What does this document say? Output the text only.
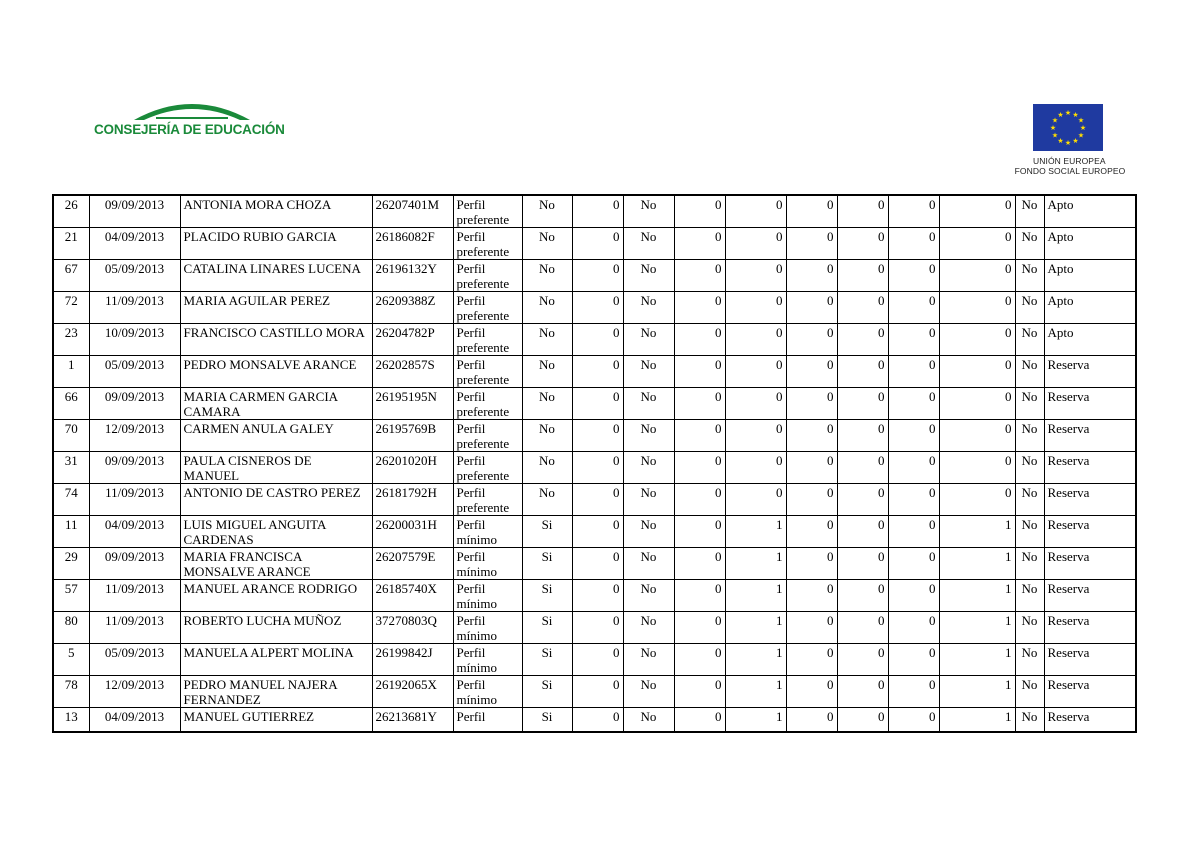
CONSEJERÍA DE EDUCACIÓN
★ ★
★
★
★
★
★
★
★
★
★
★
UNIÓN EUROPEA
FONDO SOCIAL EUROPEO
26	09/09/2013	ANTONIA MORA CHOZA	26207401M	Perfil preferente	No	0	No	0	0	0	0	0	0	No	Apto
21	04/09/2013	PLACIDO RUBIO GARCIA	26186082F	Perfil preferente	No	0	No	0	0	0	0	0	0	No	Apto
67	05/09/2013	CATALINA LINARES LUCENA	26196132Y	Perfil preferente	No	0	No	0	0	0	0	0	0	No	Apto
72	11/09/2013	MARIA AGUILAR PEREZ	26209388Z	Perfil preferente	No	0	No	0	0	0	0	0	0	No	Apto
23	10/09/2013	FRANCISCO CASTILLO MORA	26204782P	Perfil preferente	No	0	No	0	0	0	0	0	0	No	Apto
1	05/09/2013	PEDRO MONSALVE ARANCE	26202857S	Perfil preferente	No	0	No	0	0	0	0	0	0	No	Reserva
66	09/09/2013	MARIA CARMEN GARCIA CAMARA	26195195N	Perfil preferente	No	0	No	0	0	0	0	0	0	No	Reserva
70	12/09/2013	CARMEN ANULA GALEY	26195769B	Perfil preferente	No	0	No	0	0	0	0	0	0	No	Reserva
31	09/09/2013	PAULA CISNEROS DE MANUEL	26201020H	Perfil preferente	No	0	No	0	0	0	0	0	0	No	Reserva
74	11/09/2013	ANTONIO DE CASTRO PEREZ	26181792H	Perfil preferente	No	0	No	0	0	0	0	0	0	No	Reserva
11	04/09/2013	LUIS MIGUEL ANGUITA CARDENAS	26200031H	Perfil mínimo	Si	0	No	0	1	0	0	0	1	No	Reserva
29	09/09/2013	MARIA FRANCISCA MONSALVE ARANCE	26207579E	Perfil mínimo	Si	0	No	0	1	0	0	0	1	No	Reserva
57	11/09/2013	MANUEL ARANCE RODRIGO	26185740X	Perfil mínimo	Si	0	No	0	1	0	0	0	1	No	Reserva
80	11/09/2013	ROBERTO LUCHA MUÑOZ	37270803Q	Perfil mínimo	Si	0	No	0	1	0	0	0	1	No	Reserva
5	05/09/2013	MANUELA ALPERT MOLINA	26199842J	Perfil mínimo	Si	0	No	0	1	0	0	0	1	No	Reserva
78	12/09/2013	PEDRO MANUEL NAJERA FERNANDEZ	26192065X	Perfil mínimo	Si	0	No	0	1	0	0	0	1	No	Reserva
13	04/09/2013	MANUEL GUTIERREZ	26213681Y	Perfil	Si	0	No	0	1	0	0	0	1	No	Reserva
